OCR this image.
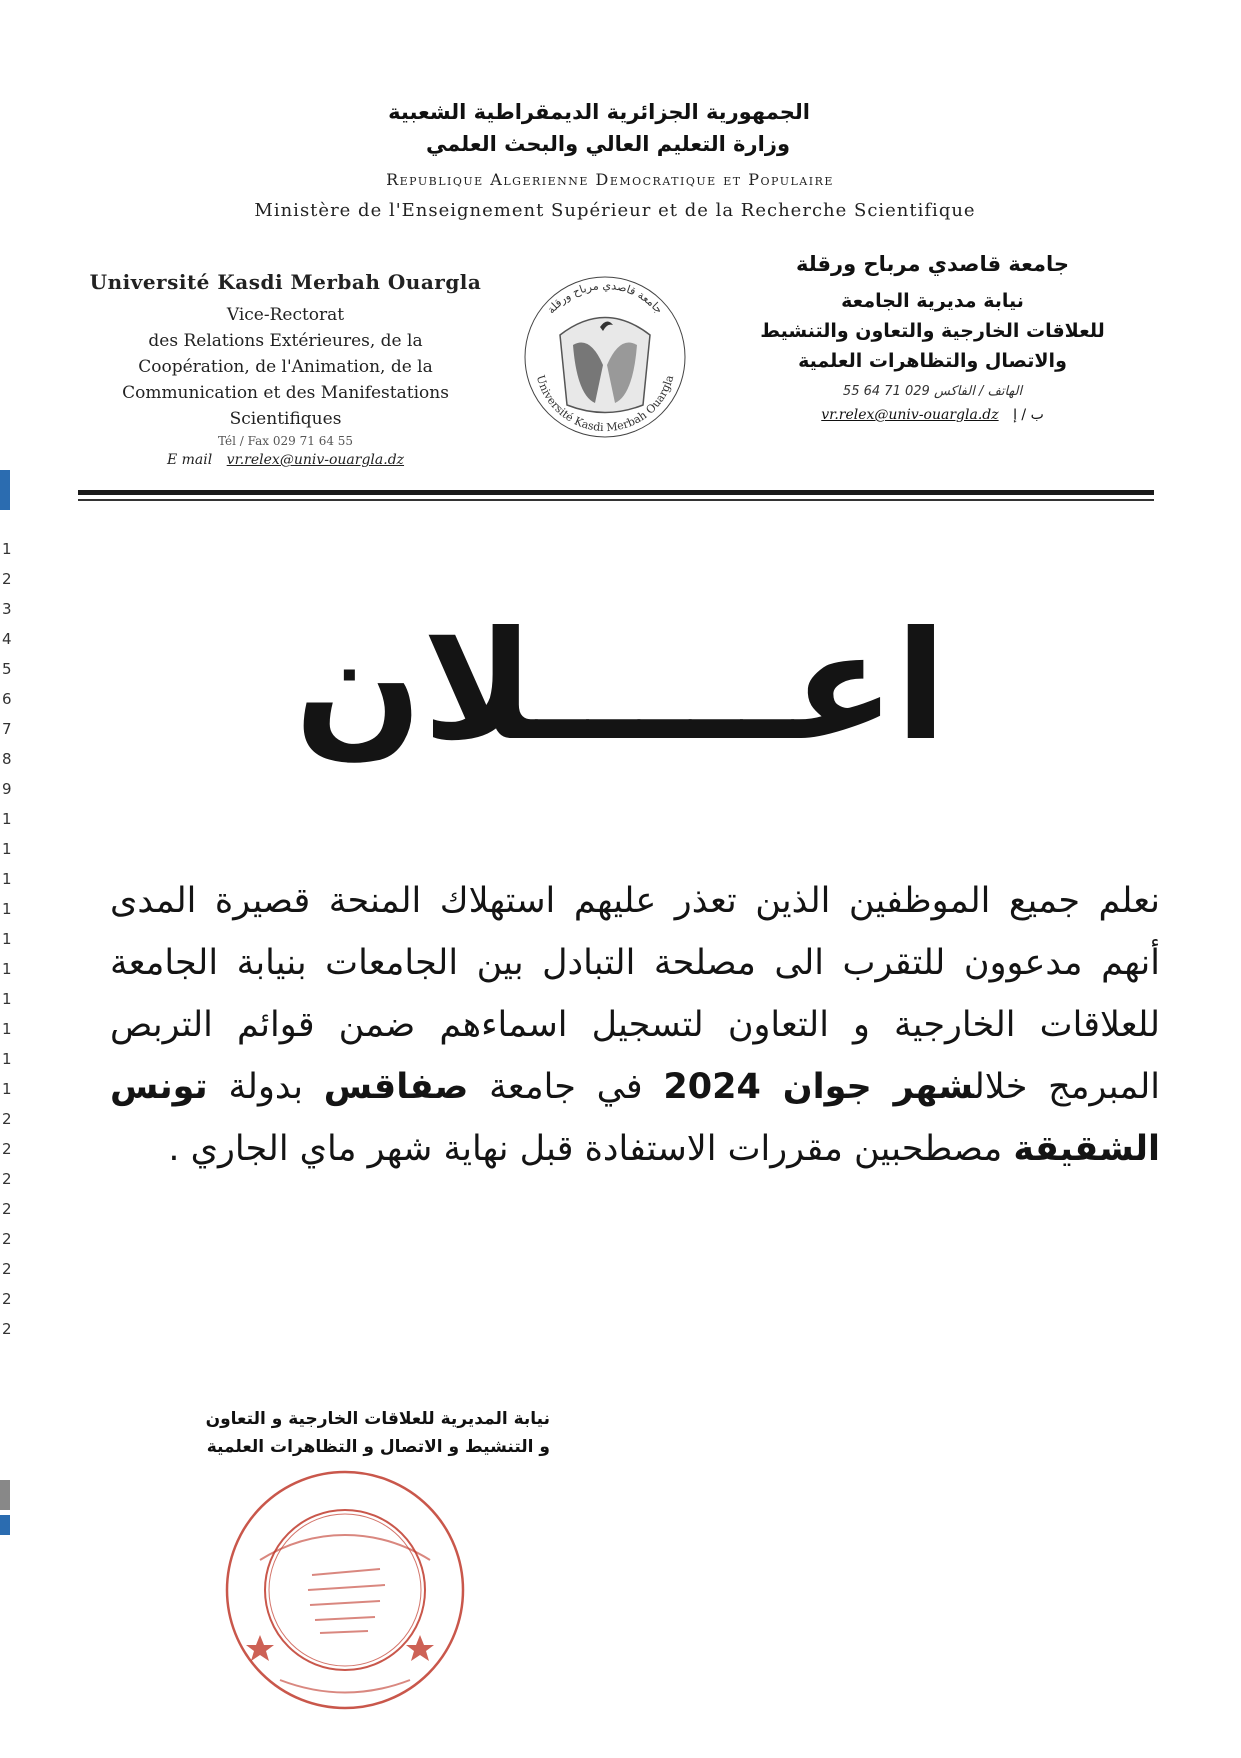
1
2
3
4
5
6
7
8
9
1
1
1
1
1
1
1
1
1
1
2
2
2
2
2
2
2
2
الجمهورية الجزائرية الديمقراطية الشعبية
وزارة التعليم العالي والبحث العلمي
Republique Algerienne Democratique et Populaire
Ministère de l'Enseignement Supérieur et de la Recherche Scientifique
Université Kasdi Merbah Ouargla
Vice-Rectorat
des Relations Extérieures, de la
Coopération, de l'Animation, de la
Communication et des Manifestations
Scientifiques
Tél / Fax 029 71 64 55
E mail vr.relex@univ-ouargla.dz
جامعة قاصدي مرباح ورقلة
Université Kasdi Merbah Ouargla
جامعة قاصدي مرباح ورقلة
نيابة مديرية الجامعة
للعلاقات الخارجية والتعاون والتنشيط
والاتصال والتظاهرات العلمية
الهاتف / الفاكس 029 71 64 55
ب / إ vr.relex@univ-ouargla.dz
اعـــــلان
نعلم جميع الموظفين الذين تعذر عليهم استهلاك المنحة قصيرة المدى أنهم مدعوون للتقرب الى مصلحة التبادل بين الجامعات بنيابة الجامعة للعلاقات الخارجية و التعاون لتسجيل اسماءهم ضمن قوائم التربص المبرمج خلالشهر جوان 2024 في جامعة صفاقس بدولة تونس الشقيقة مصطحبين مقررات الاستفادة قبل نهاية شهر ماي الجاري .
نيابة المديرية للعلاقات الخارجية و التعاون
و التنشيط و الاتصال و التظاهرات العلمية
